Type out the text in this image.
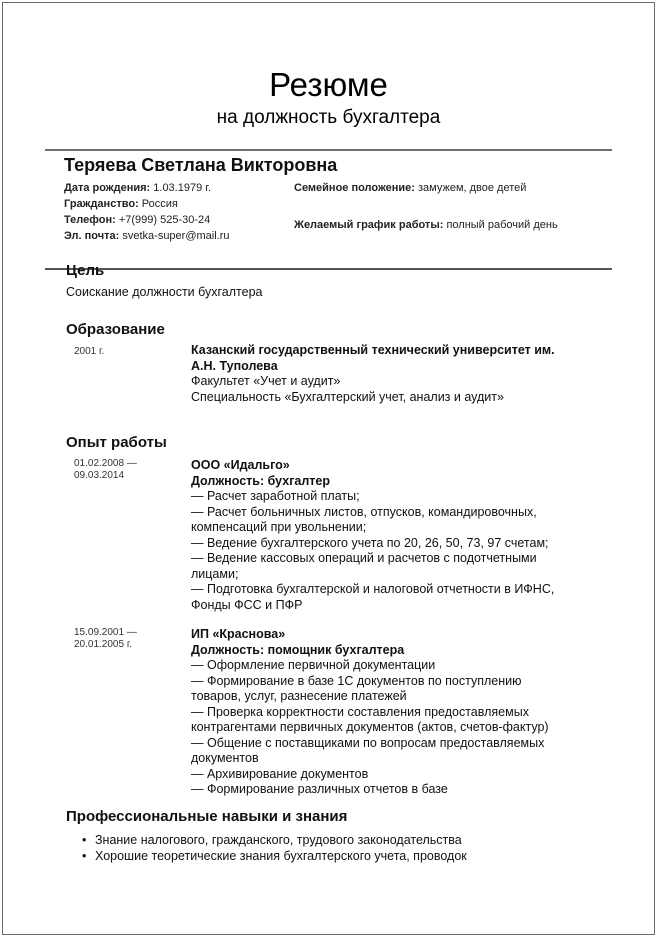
Резюме
на должность бухгалтера
Теряева Светлана Викторовна
Дата рождения: 1.03.1979 г.
Гражданство: Россия
Телефон: +7(999) 525-30-24
Эл. почта: svetka-super@mail.ru
Семейное положение: замужем, двое детей
Желаемый график работы: полный рабочий день
Цель
Соискание должности бухгалтера
Образование
2001 г.	Казанский государственный технический университет им.
А.Н. Туполева
Факультет «Учет и аудит»
Специальность «Бухгалтерский учет, анализ и аудит»
Опыт работы
01.02.2008 —
09.03.2014
ООО «Идальго»
Должность: бухгалтер
— Расчет заработной платы;
— Расчет больничных листов, отпусков, командировочных,
компенсаций при увольнении;
— Ведение бухгалтерского учета по 20, 26, 50, 73, 97 счетам;
— Ведение кассовых операций и расчетов с подотчетными
лицами;
— Подготовка бухгалтерской и налоговой отчетности в ИФНС,
Фонды ФСС и ПФР
15.09.2001 —
20.01.2005 г.
ИП «Краснова»
Должность: помощник бухгалтера
— Оформление первичной документации
— Формирование в базе 1С документов по поступлению
товаров, услуг, разнесение платежей
— Проверка корректности составления предоставляемых
контрагентами первичных документов (актов, счетов-фактур)
— Общение с поставщиками по вопросам предоставляемых
документов
— Архивирование документов
— Формирование различных отчетов в базе
Профессиональные навыки и знания
• Знание налогового, гражданского, трудового законодательства
• Хорошие теоретические знания бухгалтерского учета, проводок
